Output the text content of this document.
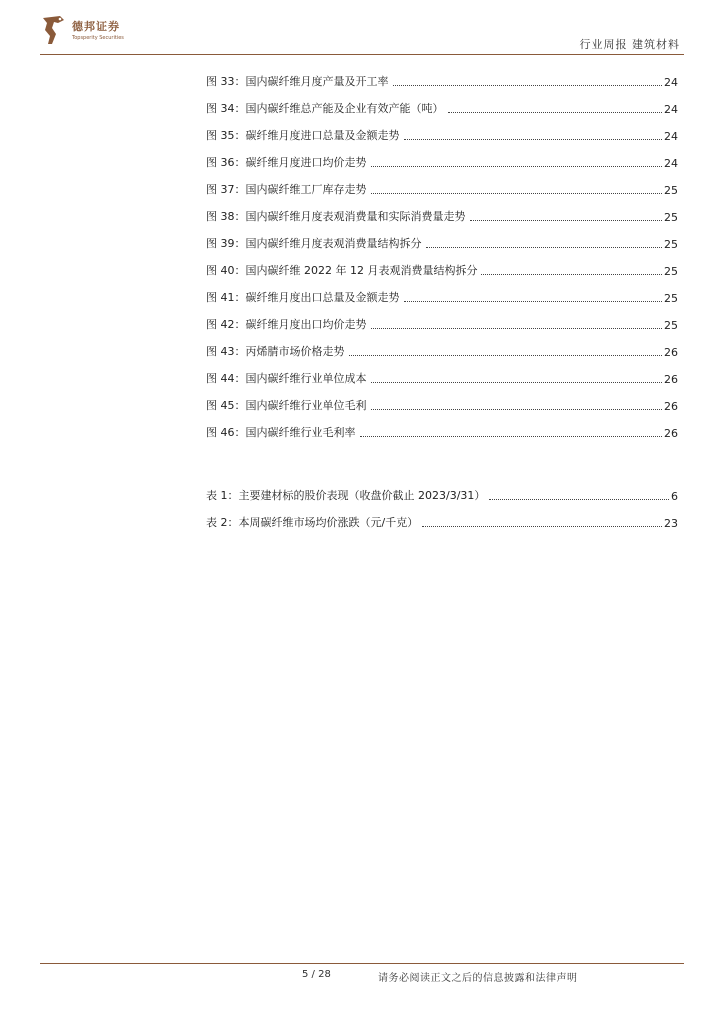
德邦证券
Topsperity Securities	行业周报 建筑材料
图 33：国内碳纤维月度产量及开工率	24
图 34：国内碳纤维总产能及企业有效产能（吨）	24
图 35：碳纤维月度进口总量及金额走势	24
图 36：碳纤维月度进口均价走势	24
图 37：国内碳纤维工厂库存走势	25
图 38：国内碳纤维月度表观消费量和实际消费量走势	25
图 39：国内碳纤维月度表观消费量结构拆分	25
图 40：国内碳纤维 2022 年 12 月表观消费量结构拆分	25
图 41：碳纤维月度出口总量及金额走势	25
图 42：碳纤维月度出口均价走势	25
图 43：丙烯腈市场价格走势	26
图 44：国内碳纤维行业单位成本	26
图 45：国内碳纤维行业单位毛利	26
图 46：国内碳纤维行业毛利率	26
表 1：主要建材标的股价表现（收盘价截止 2023/3/31）	6
表 2：本周碳纤维市场均价涨跌（元/千克）	23
5 / 28	请务必阅读正文之后的信息披露和法律声明
